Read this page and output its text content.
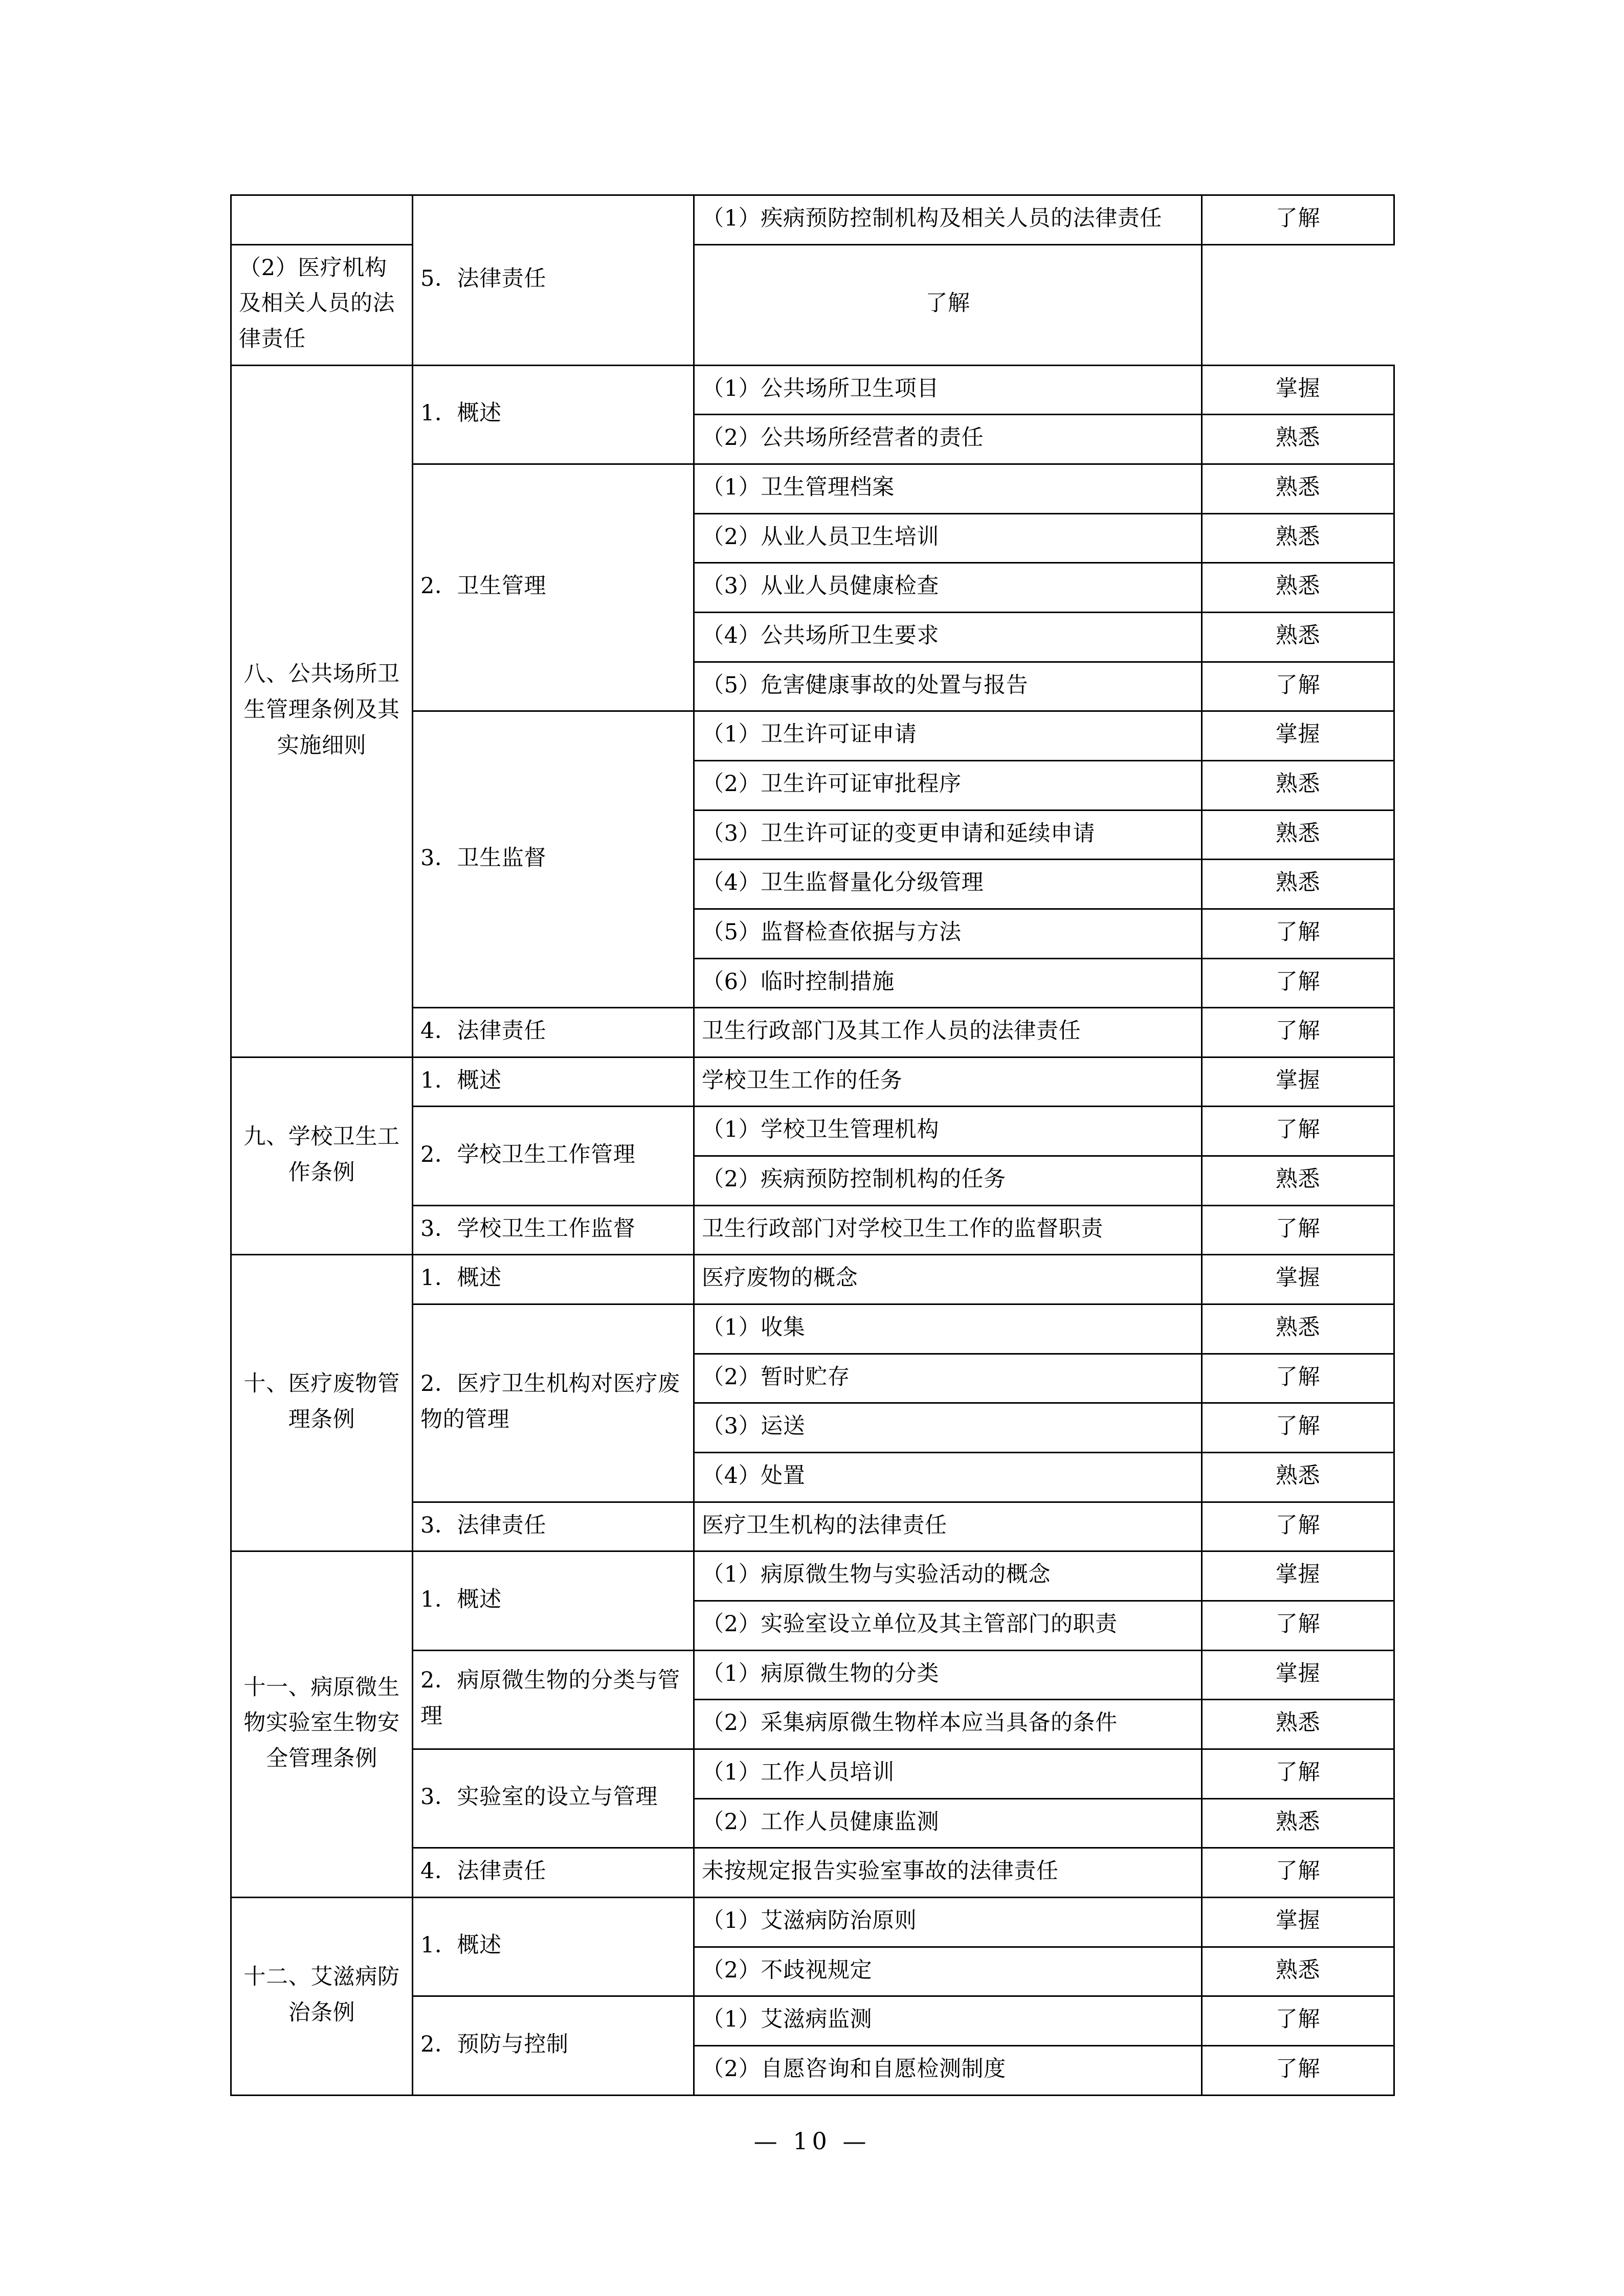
	5．法律责任	（1）疾病预防控制机构及相关人员的法律责任	了解
（2）医疗机构及相关人员的法律责任		了解	
八、公共场所卫生管理条例及其实施细则	1．概述	（1）公共场所卫生项目	掌握
		（2）公共场所经营者的责任	熟悉
	2．卫生管理	（1）卫生管理档案	熟悉
		（2）从业人员卫生培训	熟悉
		（3）从业人员健康检查	熟悉
		（4）公共场所卫生要求	熟悉
		（5）危害健康事故的处置与报告	了解
	3．卫生监督	（1）卫生许可证申请	掌握
		（2）卫生许可证审批程序	熟悉
		（3）卫生许可证的变更申请和延续申请	熟悉
		（4）卫生监督量化分级管理	熟悉
		（5）监督检查依据与方法	了解
		（6）临时控制措施	了解
	4．法律责任	卫生行政部门及其工作人员的法律责任	了解
九、学校卫生工作条例	1．概述	学校卫生工作的任务	掌握
	2．学校卫生工作管理	（1）学校卫生管理机构	了解
		（2）疾病预防控制机构的任务	熟悉
	3．学校卫生工作监督	卫生行政部门对学校卫生工作的监督职责	了解
十、医疗废物管理条例	1．概述	医疗废物的概念	掌握
	2．医疗卫生机构对医疗废物的管理	（1）收集	熟悉
		（2）暂时贮存	了解
		（3）运送	了解
		（4）处置	熟悉
	3．法律责任	医疗卫生机构的法律责任	了解
十一、病原微生物实验室生物安全管理条例	1．概述	（1）病原微生物与实验活动的概念	掌握
		（2）实验室设立单位及其主管部门的职责	了解
	2．病原微生物的分类与管理	（1）病原微生物的分类	掌握
		（2）采集病原微生物样本应当具备的条件	熟悉
	3．实验室的设立与管理	（1）工作人员培训	了解
		（2）工作人员健康监测	熟悉
	4．法律责任	未按规定报告实验室事故的法律责任	了解
十二、艾滋病防治条例	1．概述	（1）艾滋病防治原则	掌握
		（2）不歧视规定	熟悉
	2．预防与控制	（1）艾滋病监测	了解
		（2）自愿咨询和自愿检测制度	了解
— 10 —
